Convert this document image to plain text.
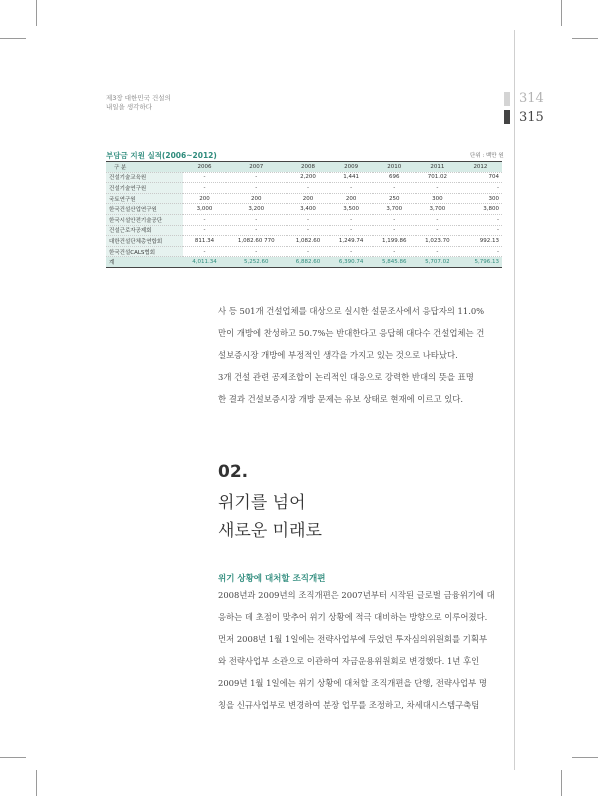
제3장 대한민국 건설의
내일을 생각하다
314
315
부담금 지원 실적(2006~2012)	단위 : 백만 원
구 분	2006	2007	2008	2009	2010	2011	2012
건설기술교육원	-	-	2,200	1,441	696	701.02	704
건설기술연구원	-	-	-	-	-	-	-
국토연구원	200	200	200	200	250	300	300
한국건설산업연구원	3,000	3,200	3,400	3,500	3,700	3,700	3,800
한국시설안전기술공단	-	-	-	-	-	-	-
건설근로자공제회	-	-	-	-	-	-	-
대한건설단체총연합회	811.34	1,082.60 770	1,082.60	1,249.74	1,199.86	1,023.70	992.13
한국건설CALS협회	-	-	-	-	-	-	-
계	4,011.34	5,252.60	6,882.60	6,390.74	5,845.86	5,707.02	5,796.13

사 등 501개 건설업체를 대상으로 실시한 설문조사에서 응답자의 11.0%

만이 개방에 찬성하고 50.7%는 반대한다고 응답해 대다수 건설업체는 건

설보증시장 개방에 부정적인 생각을 가지고 있는 것으로 나타났다.

3개 건설 관련 공제조합이 논리적인 대응으로 강력한 반대의 뜻을 표명

한 결과 건설보증시장 개방 문제는 유보 상태로 현재에 이르고 있다.

02.
위기를 넘어
새로운 미래로
위기 상황에 대처할 조직개편

2008년과 2009년의 조직개편은 2007년부터 시작된 글로벌 금융위기에 대

응하는 데 초점이 맞추어 위기 상황에 적극 대비하는 방향으로 이루어졌다.

먼저 2008년 1월 1일에는 전략사업부에 두었던 투자심의위원회를 기획부

와 전략사업부 소관으로 이관하여 자금운용위원회로 변경했다. 1년 후인

2009년 1월 1일에는 위기 상황에 대처할 조직개편을 단행, 전략사업부 명

칭을 신규사업부로 변경하여 분장 업무를 조정하고, 차세대시스템구축팀
